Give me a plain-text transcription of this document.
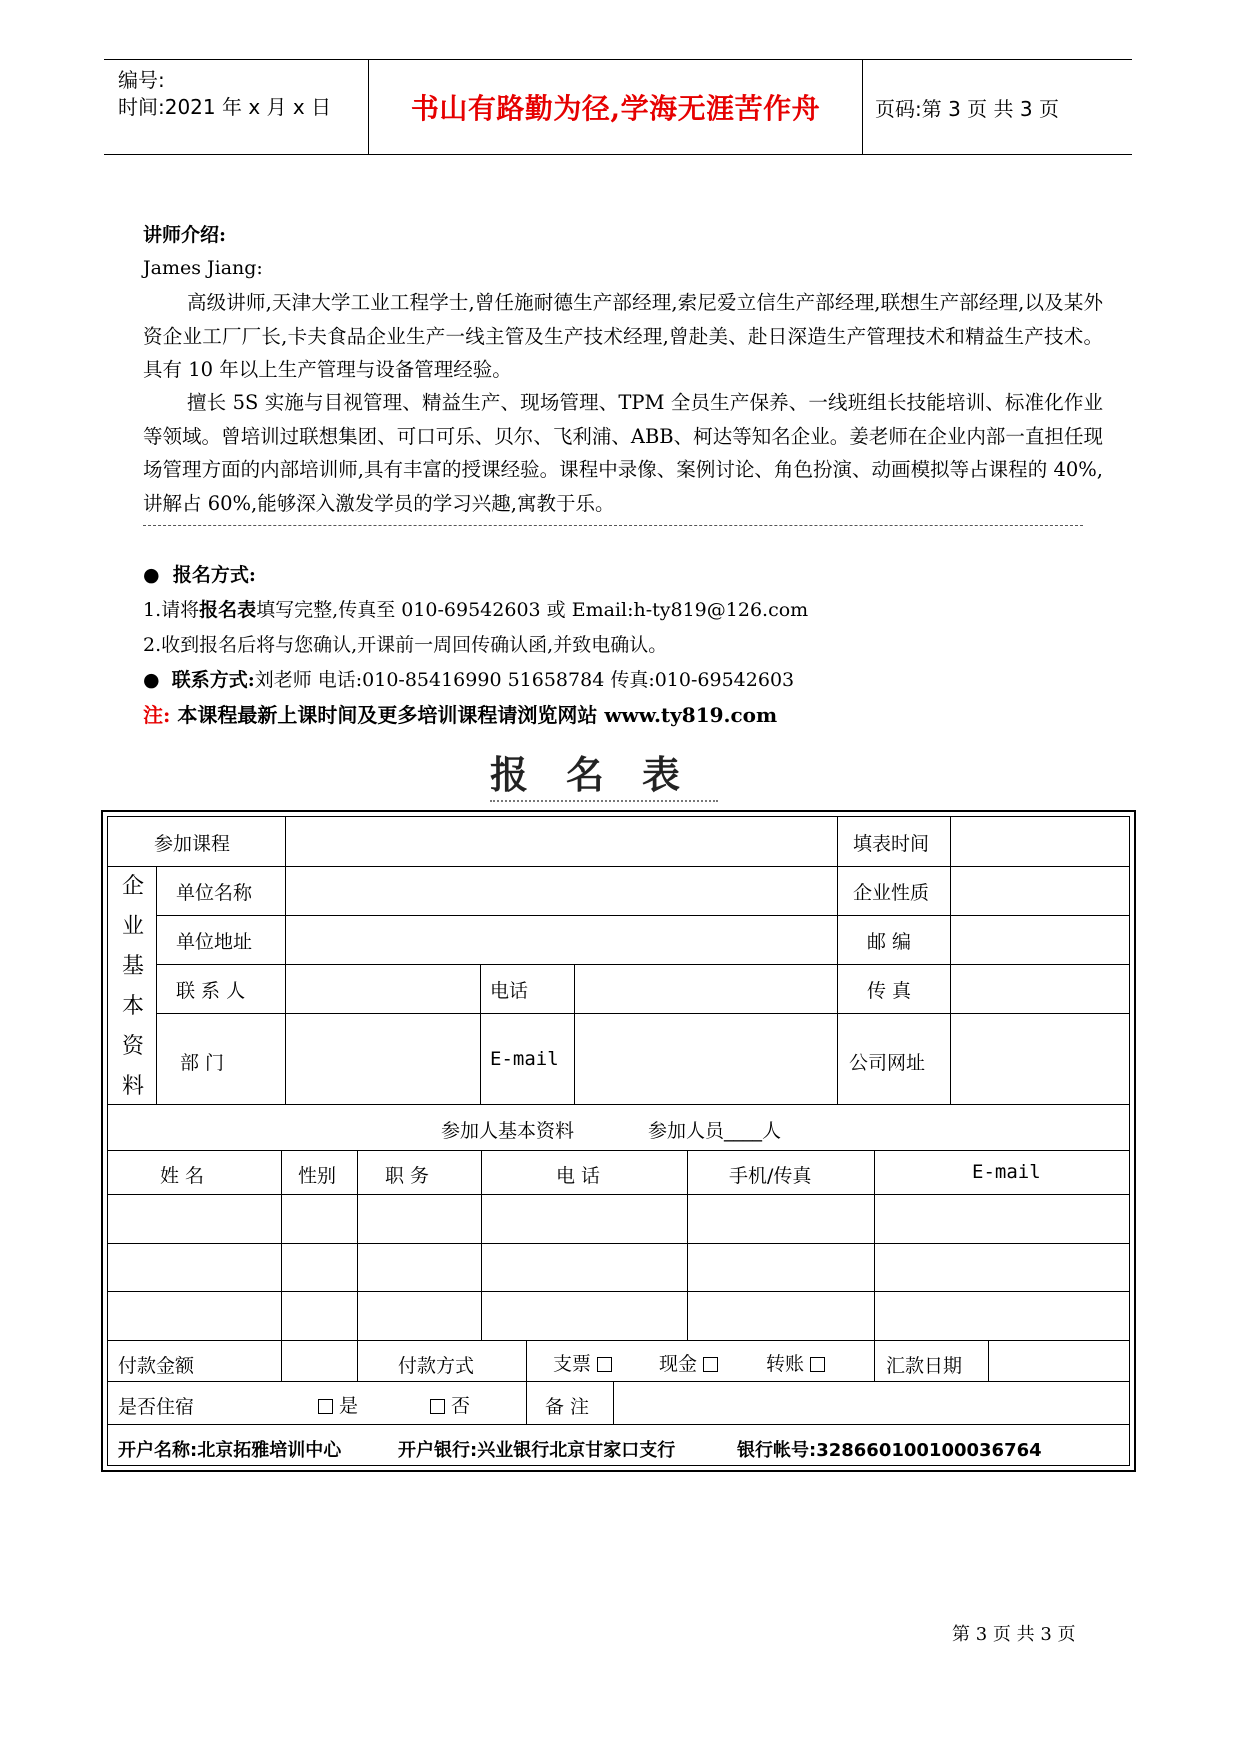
编号:
时间:2021 年 x 月 x 日	书山有路勤为径,学海无涯苦作舟	页码:第 3 页 共 3 页
讲师介绍:
James Jiang:
高级讲师,天津大学工业工程学士,曾任施耐德生产部经理,索尼爱立信生产部经理,联想生产部经理,以及某外资企业工厂厂长,卡夫食品企业生产一线主管及生产技术经理,曾赴美、赴日深造生产管理技术和精益生产技术。具有 10 年以上生产管理与设备管理经验。
擅长 5S 实施与目视管理、精益生产、现场管理、TPM 全员生产保养、一线班组长技能培训、标准化作业等领域。曾培训过联想集团、可口可乐、贝尔、飞利浦、ABB、柯达等知名企业。姜老师在企业内部一直担任现场管理方面的内部培训师,具有丰富的授课经验。课程中录像、案例讨论、角色扮演、动画模拟等占课程的 40%,讲解占 60%,能够深入激发学员的学习兴趣,寓教于乐。
● 报名方式:
1.请将报名表填写完整,传真至 010-69542603 或 Email:h-ty819@126.com
2.收到报名后将与您确认,开课前一周回传确认函,并致电确认。
● 联系方式:刘老师 电话:010-85416990 51658784 传真:010-69542603
注: 本课程最新上课时间及更多培训课程请浏览网站 www.ty819.com
报名表
参加课程	填表时间
企业基本资料
单位名称	企业性质
单位地址	邮 编
联 系 人	电话	传 真
部 门	E-mail	公司网址
参加人基本资料	参加人员____人
姓 名	性别	职 务	电 话	手机/传真	E-mail
付款金额	付款方式	支票	现金	转账	汇款日期
是否住宿	是	否	备 注
开户名称:北京拓雅培训中心	开户银行:兴业银行北京甘家口支行	银行帐号:328660100100036764
第 3 页 共 3 页
